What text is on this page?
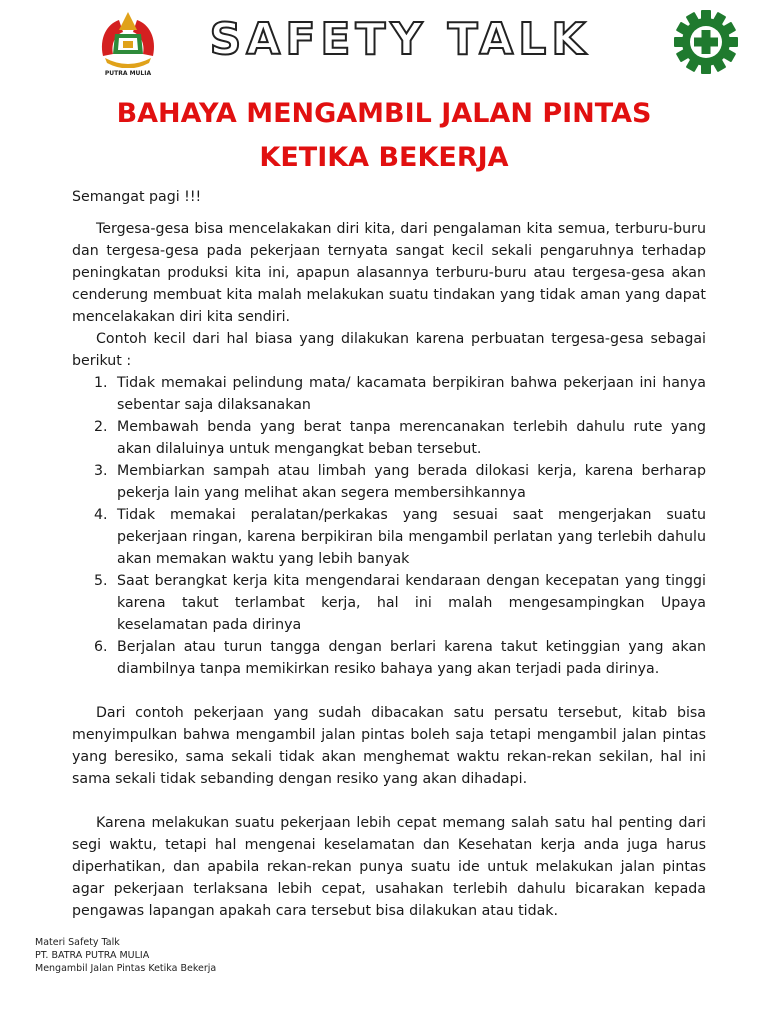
PUTRA MULIA
SAFETY TALK
BAHAYA MENGAMBIL JALAN PINTAS
KETIKA BEKERJA

Semangat pagi !!!

Tergesa-gesa bisa mencelakakan diri kita, dari pengalaman kita semua, terburu-buru dan tergesa-gesa pada pekerjaan ternyata sangat kecil sekali pengaruhnya terhadap peningkatan produksi kita ini, apapun alasannya terburu-buru atau tergesa-gesa akan cenderung membuat kita malah melakukan suatu tindakan yang tidak aman yang dapat mencelakakan diri kita sendiri.

Contoh kecil dari hal biasa yang dilakukan karena perbuatan tergesa-gesa sebagai berikut :

1. Tidak memakai pelindung mata/ kacamata berpikiran bahwa pekerjaan ini hanya sebentar saja dilaksanakan
2. Membawah benda yang berat tanpa merencanakan terlebih dahulu rute yang akan dilaluinya untuk mengangkat beban tersebut.
3. Membiarkan sampah atau limbah yang berada dilokasi kerja, karena berharap pekerja lain yang melihat akan segera membersihkannya
4. Tidak memakai peralatan/perkakas yang sesuai saat mengerjakan suatu pekerjaan ringan, karena berpikiran bila mengambil perlatan yang terlebih dahulu akan memakan waktu yang lebih banyak
5. Saat berangkat kerja kita mengendarai kendaraan dengan kecepatan yang tinggi karena takut terlambat kerja, hal ini malah mengesampingkan Upaya keselamatan pada dirinya
6. Berjalan atau turun tangga dengan berlari karena takut ketinggian yang akan diambilnya tanpa memikirkan resiko bahaya yang akan terjadi pada dirinya.

Dari contoh pekerjaan yang sudah dibacakan satu persatu tersebut, kitab bisa menyimpulkan bahwa mengambil jalan pintas boleh saja tetapi mengambil jalan pintas yang beresiko, sama sekali tidak akan menghemat waktu rekan-rekan sekilan, hal ini sama sekali tidak sebanding dengan resiko yang akan dihadapi.

Karena melakukan suatu pekerjaan lebih cepat memang salah satu hal penting dari segi waktu, tetapi hal mengenai keselamatan dan Kesehatan kerja anda juga harus diperhatikan, dan apabila rekan-rekan punya suatu ide untuk melakukan jalan pintas agar pekerjaan terlaksana lebih cepat, usahakan terlebih dahulu bicarakan kepada pengawas lapangan apakah cara tersebut bisa dilakukan atau tidak.

Materi Safety Talk
PT. BATRA PUTRA MULIA
Mengambil Jalan Pintas Ketika Bekerja
